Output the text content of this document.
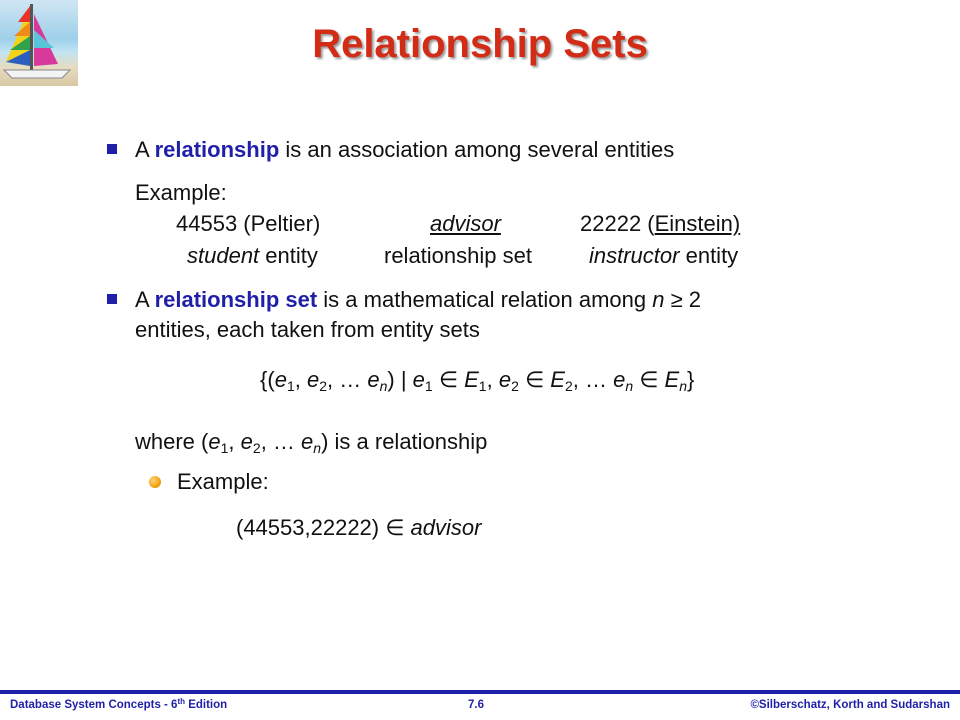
Relationship Sets
A relationship is an association among several entities
Example:
44553 (Peltier)	advisor	22222 (Einstein)
student entity	relationship set	instructor entity
A relationship set is a mathematical relation among n ≥ 2
entities, each taken from entity sets
{($e_1$, $e_2$, … $e_n$) | $e_1$ ∈ $E_1$, $e_2$ ∈ $E_2$, … $e_n$ ∈ $E_n$}
where ($e_1$, $e_2$, … $e_n$) is a relationship
Example:
(44553,22222) ∈ advisor
Database System Concepts - 6th Edition	7.6	©Silberschatz, Korth and Sudarshan
